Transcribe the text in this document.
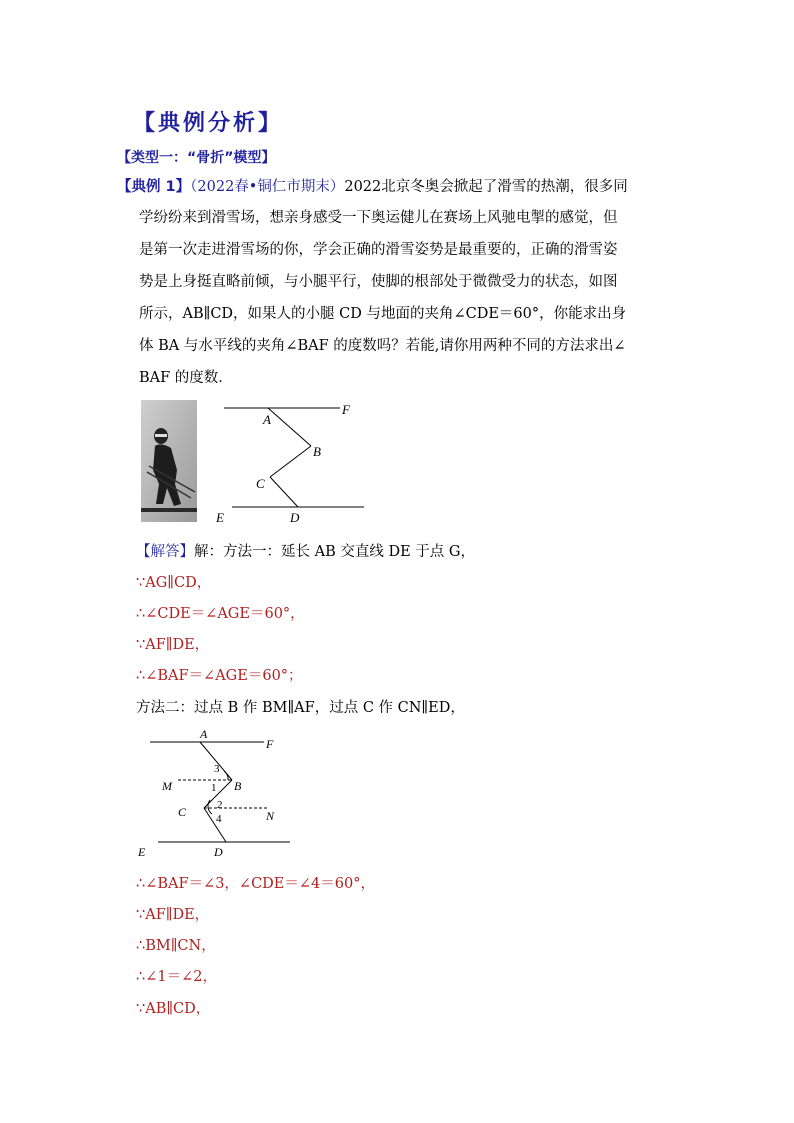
【典例分析】
【类型一：“骨折”模型】
【典例 1】（2022春•铜仁市期末）2022北京冬奥会掀起了滑雪的热潮，很多同
学纷纷来到滑雪场，想亲身感受一下奥运健儿在赛场上风驰电掣的感觉，但
是第一次走进滑雪场的你，学会正确的滑雪姿势是最重要的，正确的滑雪姿
势是上身挺直略前倾，与小腿平行，使脚的根部处于微微受力的状态，如图
所示，AB∥CD，如果人的小腿 CD 与地面的夹角∠CDE＝60°，你能求出身
体 BA 与水平线的夹角∠BAF 的度数吗？若能,请你用两种不同的方法求出∠
BAF 的度数．
A
F
B
C
E	D
【解答】解：方法一：延长 AB 交直线 DE 于点 G，
∵AG∥CD，
∴∠CDE＝∠AGE＝60°，
∵AF∥DE，
∴∠BAF＝∠AGE＝60°；
方法二：过点 B 作 BM∥AF，过点 C 作 CN∥ED，
A
F
M	B
C	N
E	D
3
1
2
4
∴∠BAF＝∠3，∠CDE＝∠4＝60°，
∵AF∥DE，
∴BM∥CN，
∴∠1＝∠2，
∵AB∥CD，
